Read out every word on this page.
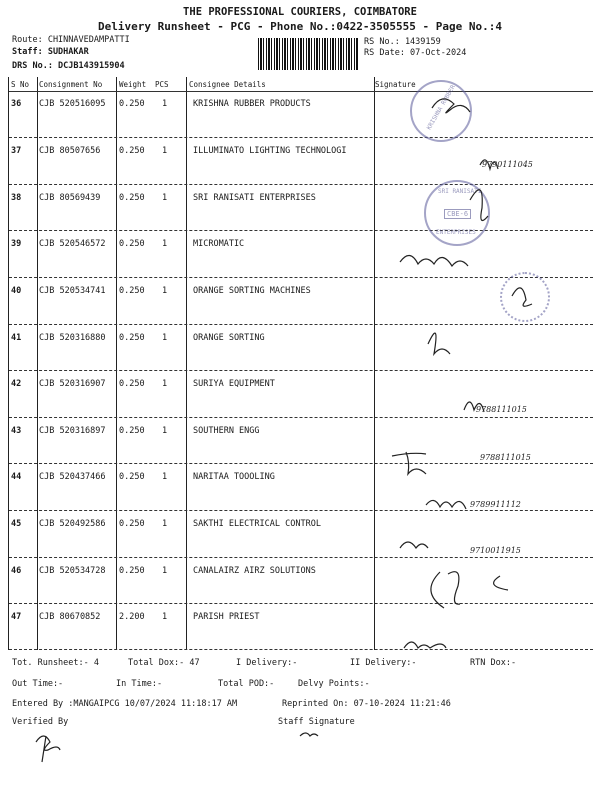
THE PROFESSIONAL COURIERS, COIMBATORE
Delivery Runsheet - PCG - Phone No.:0422-3505555 - Page No.:4
Route: CHINNAVEDAMPATTI
Staff: SUDHAKAR
DRS No.: DCJB143915904
RS No.: 1439159
RS Date: 07-Oct-2024
S No Consignment No Weight PCS	Consignee Details	Signature
36 CJB 520516095 0.250 1	KRISHNA RUBBER PRODUCTS
37 CJB 80507656 0.250 1	ILLUMINATO LIGHTING TECHNOLOGI
38 CJB 80569439 0.250 1	SRI RANISATI ENTERPRISES
39 CJB 520546572 0.250 1	MICROMATIC
40 CJB 520534741 0.250 1	ORANGE SORTING MACHINES
41 CJB 520316880 0.250 1	ORANGE SORTING
42 CJB 520316907 0.250 1	SURIYA EQUIPMENT
43 CJB 520316897 0.250 1	SOUTHERN ENGG
44 CJB 520437466 0.250 1	NARITAA TOOOLING
45 CJB 520492586 0.250 1	SAKTHI ELECTRICAL CONTROL
46 CJB 520534728 0.250 1	CANALAIRZ AIRZ SOLUTIONS
47 CJB 80670852 2.200 1	PARISH PRIEST
KRISHNA RUBBER
SRI RANISATI
CBE-6
ENTERPRISES
9790111045
9788111015
9788111015
9789911112
9710011915
Tot. Runsheet:- 4	Total Dox:- 47	I Delivery:-	II Delivery:-	RTN Dox:-
Out Time:-	In Time:-	Total POD:-	Delvy Points:-
Entered By :MANGAIPCG 10/07/2024 11:18:17 AM	Reprinted On: 07-10-2024 11:21:46
Verified By	Staff Signature
